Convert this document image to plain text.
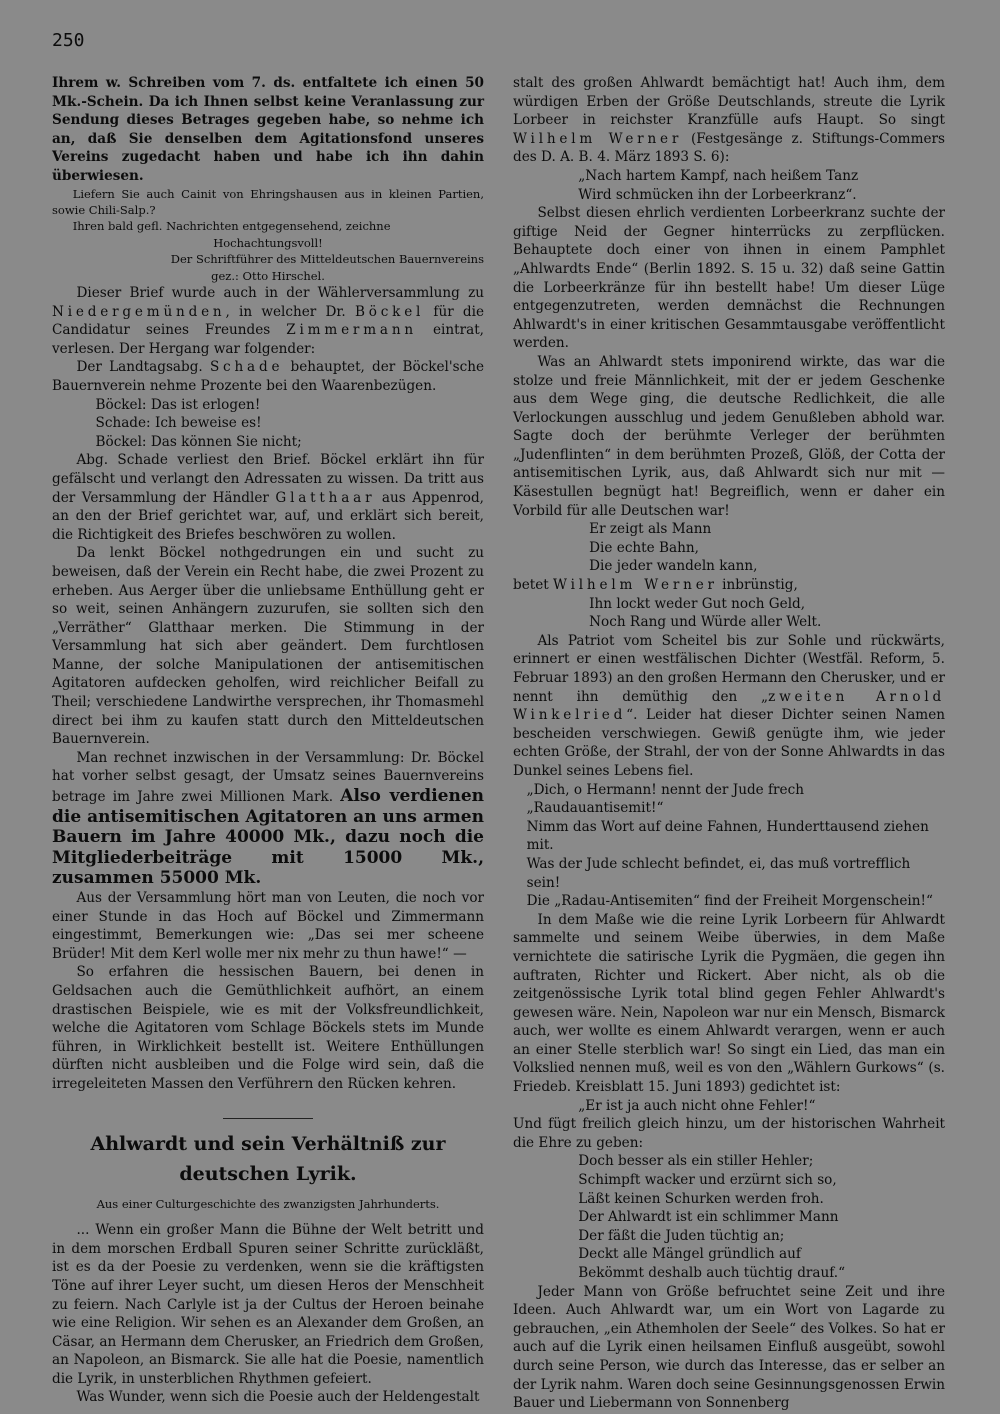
250

Ihrem w. Schreiben vom 7. ds. entfaltete ich einen 50 Mk.-Schein. Da ich Ihnen selbst keine Veranlassung zur Sendung dieses Betrages gegeben habe, so nehme ich an, daß Sie denselben dem Agitationsfond unseres Vereins zugedacht haben und habe ich ihn dahin überwiesen.

Liefern Sie auch Cainit von Ehringshausen aus in kleinen Partien, sowie Chili-Salp.?

Ihren bald gefl. Nachrichten entgegensehend, zeichne

Hochachtungsvoll!

Der Schriftführer des Mitteldeutschen Bauernvereins

gez.: Otto Hirschel.

Dieser Brief wurde auch in der Wählerversammlung zu Niedergemünden, in welcher Dr. Böckel für die Candidatur seines Freundes Zimmermann eintrat, verlesen. Der Hergang war folgender:

Der Landtagsabg. Schade behauptet, der Böckel'sche Bauernverein nehme Prozente bei den Waarenbezügen.

Böckel: Das ist erlogen!

Schade: Ich beweise es!

Böckel: Das können Sie nicht;

Abg. Schade verliest den Brief. Böckel erklärt ihn für gefälscht und verlangt den Adressaten zu wissen. Da tritt aus der Versammlung der Händler Glatthaar aus Appenrod, an den der Brief gerichtet war, auf, und erklärt sich bereit, die Richtigkeit des Briefes beschwören zu wollen.

Da lenkt Böckel nothgedrungen ein und sucht zu beweisen, daß der Verein ein Recht habe, die zwei Prozent zu erheben. Aus Aerger über die unliebsame Enthüllung geht er so weit, seinen Anhängern zuzurufen, sie sollten sich den „Verräther“ Glatthaar merken. Die Stimmung in der Versammlung hat sich aber geändert. Dem furchtlosen Manne, der solche Manipulationen der antisemitischen Agitatoren aufdecken geholfen, wird reichlicher Beifall zu Theil; verschiedene Landwirthe versprechen, ihr Thomasmehl direct bei ihm zu kaufen statt durch den Mitteldeutschen Bauernverein.

Man rechnet inzwischen in der Versammlung: Dr. Böckel hat vorher selbst gesagt, der Umsatz seines Bauernvereins betrage im Jahre zwei Millionen Mark. Also verdienen die antisemitischen Agitatoren an uns armen Bauern im Jahre 40000 Mk., dazu noch die Mitgliederbeiträge mit 15000 Mk., zusammen 55000 Mk.

Aus der Versammlung hört man von Leuten, die noch vor einer Stunde in das Hoch auf Böckel und Zimmermann eingestimmt, Bemerkungen wie: „Das sei mer scheene Brüder! Mit dem Kerl wolle mer nix mehr zu thun hawe!“ —

So erfahren die hessischen Bauern, bei denen in Geldsachen auch die Gemüthlichkeit aufhört, an einem drastischen Beispiele, wie es mit der Volksfreundlichkeit, welche die Agitatoren vom Schlage Böckels stets im Munde führen, in Wirklichkeit bestellt ist. Weitere Enthüllungen dürften nicht ausbleiben und die Folge wird sein, daß die irregeleiteten Massen den Verführern den Rücken kehren.

Ahlwardt und sein Verhältniß zur deutschen Lyrik.
Aus einer Culturgeschichte des zwanzigsten Jahrhunderts.

... Wenn ein großer Mann die Bühne der Welt betritt und in dem morschen Erdball Spuren seiner Schritte zurückläßt, ist es da der Poesie zu verdenken, wenn sie die kräftigsten Töne auf ihrer Leyer sucht, um diesen Heros der Menschheit zu feiern. Nach Carlyle ist ja der Cultus der Heroen beinahe wie eine Religion. Wir sehen es an Alexander dem Großen, an Cäsar, an Hermann dem Cherusker, an Friedrich dem Großen, an Napoleon, an Bismarck. Sie alle hat die Poesie, namentlich die Lyrik, in unsterblichen Rhythmen gefeiert.

Was Wunder, wenn sich die Poesie auch der Heldengestalt

stalt des großen Ahlwardt bemächtigt hat! Auch ihm, dem würdigen Erben der Größe Deutschlands, streute die Lyrik Lorbeer in reichster Kranzfülle aufs Haupt. So singt Wilhelm Werner (Festgesänge z. Stiftungs-Commers des D. A. B. 4. März 1893 S. 6):

„Nach hartem Kampf, nach heißem Tanz
Wird schmücken ihn der Lorbeerkranz“.

Selbst diesen ehrlich verdienten Lorbeerkranz suchte der giftige Neid der Gegner hinterrücks zu zerpflücken. Behauptete doch einer von ihnen in einem Pamphlet „Ahlwardts Ende“ (Berlin 1892. S. 15 u. 32) daß seine Gattin die Lorbeerkränze für ihn bestellt habe! Um dieser Lüge entgegenzutreten, werden demnächst die Rechnungen Ahlwardt's in einer kritischen Gesammtausgabe veröffentlicht werden.

Was an Ahlwardt stets imponirend wirkte, das war die stolze und freie Männlichkeit, mit der er jedem Geschenke aus dem Wege ging, die deutsche Redlichkeit, die alle Verlockungen ausschlug und jedem Genußleben abhold war. Sagte doch der berühmte Verleger der berühmten „Judenflinten“ in dem berühmten Prozeß, Glöß, der Cotta der antisemitischen Lyrik, aus, daß Ahlwardt sich nur mit — Käsestullen begnügt hat! Begreiflich, wenn er daher ein Vorbild für alle Deutschen war!

Er zeigt als Mann
Die echte Bahn,
Die jeder wandeln kann,

betet Wilhelm Werner inbrünstig,

Ihn lockt weder Gut noch Geld,
Noch Rang und Würde aller Welt.

Als Patriot vom Scheitel bis zur Sohle und rückwärts, erinnert er einen westfälischen Dichter (Westfäl. Reform, 5. Februar 1893) an den großen Hermann den Cherusker, und er nennt ihn demüthig den „zweiten Arnold Winkelried“. Leider hat dieser Dichter seinen Namen bescheiden verschwiegen. Gewiß genügte ihm, wie jeder echten Größe, der Strahl, der von der Sonne Ahlwardts in das Dunkel seines Lebens fiel.

„Dich, o Hermann! nennt der Jude frech „Raudauantisemit!“
Nimm das Wort auf deine Fahnen, Hunderttausend ziehen mit.
Was der Jude schlecht befindet, ei, das muß vortrefflich sein!
Die „Radau-Antisemiten“ find der Freiheit Morgenschein!“

In dem Maße wie die reine Lyrik Lorbeern für Ahlwardt sammelte und seinem Weibe überwies, in dem Maße vernichtete die satirische Lyrik die Pygmäen, die gegen ihn auftraten, Richter und Rickert. Aber nicht, als ob die zeitgenössische Lyrik total blind gegen Fehler Ahlwardt's gewesen wäre. Nein, Napoleon war nur ein Mensch, Bismarck auch, wer wollte es einem Ahlwardt verargen, wenn er auch an einer Stelle sterblich war! So singt ein Lied, das man ein Volkslied nennen muß, weil es von den „Wählern Gurkows“ (s. Friedeb. Kreisblatt 15. Juni 1893) gedichtet ist:

„Er ist ja auch nicht ohne Fehler!“

Und fügt freilich gleich hinzu, um der historischen Wahrheit die Ehre zu geben:

Doch besser als ein stiller Hehler;
Schimpft wacker und erzürnt sich so,
Läßt keinen Schurken werden froh.

Der Ahlwardt ist ein schlimmer Mann
Der fäßt die Juden tüchtig an;
Deckt alle Mängel gründlich auf
Bekömmt deshalb auch tüchtig drauf.“

Jeder Mann von Größe befruchtet seine Zeit und ihre Ideen. Auch Ahlwardt war, um ein Wort von Lagarde zu gebrauchen, „ein Athemholen der Seele“ des Volkes. So hat er auch auf die Lyrik einen heilsamen Einfluß ausgeübt, sowohl durch seine Person, wie durch das Interesse, das er selber an der Lyrik nahm. Waren doch seine Gesinnungsgenossen Erwin Bauer und Liebermann von Sonnenberg
